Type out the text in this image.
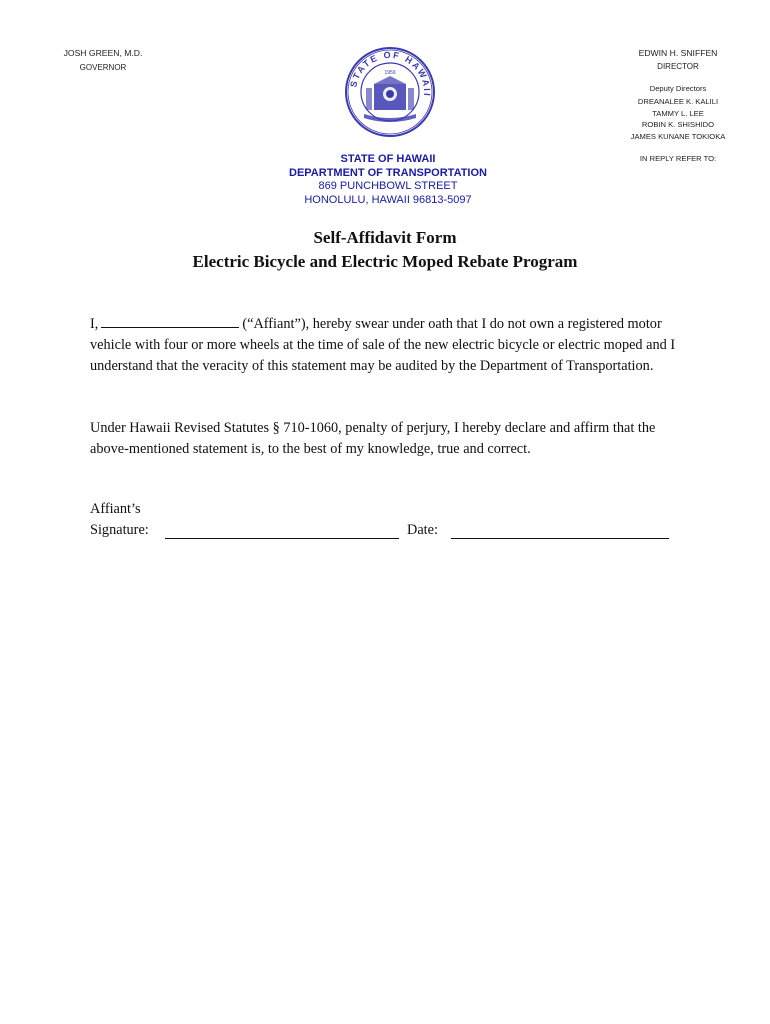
JOSH GREEN, M.D.
GOVERNOR
STATE OF HAWAII
1959
EDWIN H. SNIFFEN
DIRECTOR
Deputy Directors
DREANALEE K. KALILI
TAMMY L. LEE
ROBIN K. SHISHIDO
JAMES KUNANE TOKIOKA
IN REPLY REFER TO:
STATE OF HAWAII
DEPARTMENT OF TRANSPORTATION
869 PUNCHBOWL STREET
HONOLULU, HAWAII 96813-5097
Self-Affidavit Form
Electric Bicycle and Electric Moped Rebate Program
I,	(“Affiant”), hereby swear under oath that I do not own a registered motor vehicle with four or more wheels at the time of sale of the new electric bicycle or electric moped and I understand that the veracity of this statement may be audited by the Department of Transportation.
Under Hawaii Revised Statutes § 710-1060, penalty of perjury, I hereby declare and affirm that the above-mentioned statement is, to the best of my knowledge, true and correct.
Affiant’s
Signature:	Date:
